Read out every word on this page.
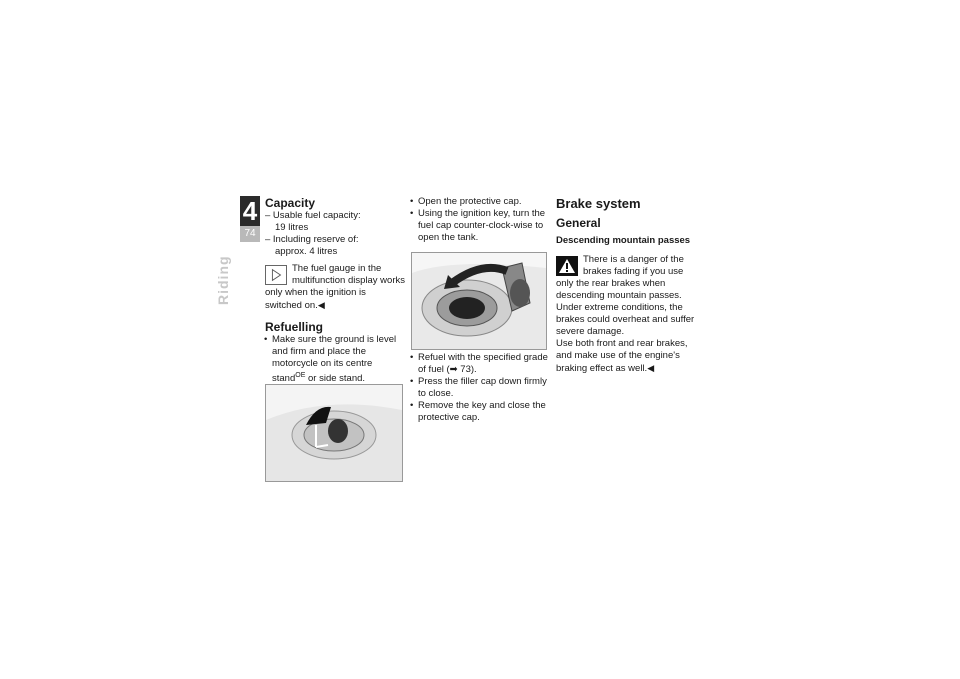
4
74
Riding
Capacity
– Usable fuel capacity:
19 litres
– Including reserve of:
approx. 4 litres
The fuel gauge in the multifunction display works only when the ignition is switched on.◀
Refuelling
• Make sure the ground is level and firm and place the motorcycle on its centre stand$^{OE}$ or side stand.
• Open the protective cap.
• Using the ignition key, turn the fuel cap counter-clock-wise to open the tank.
• Refuel with the specified grade of fuel (➡ 73).
• Press the filler cap down firmly to close.
• Remove the key and close the protective cap.
Brake system
General
Descending mountain passes
There is a danger of the brakes fading if you use only the rear brakes when descending mountain passes. Under extreme conditions, the brakes could overheat and suffer severe damage.
Use both front and rear brakes, and make use of the engine's braking effect as well.◀
